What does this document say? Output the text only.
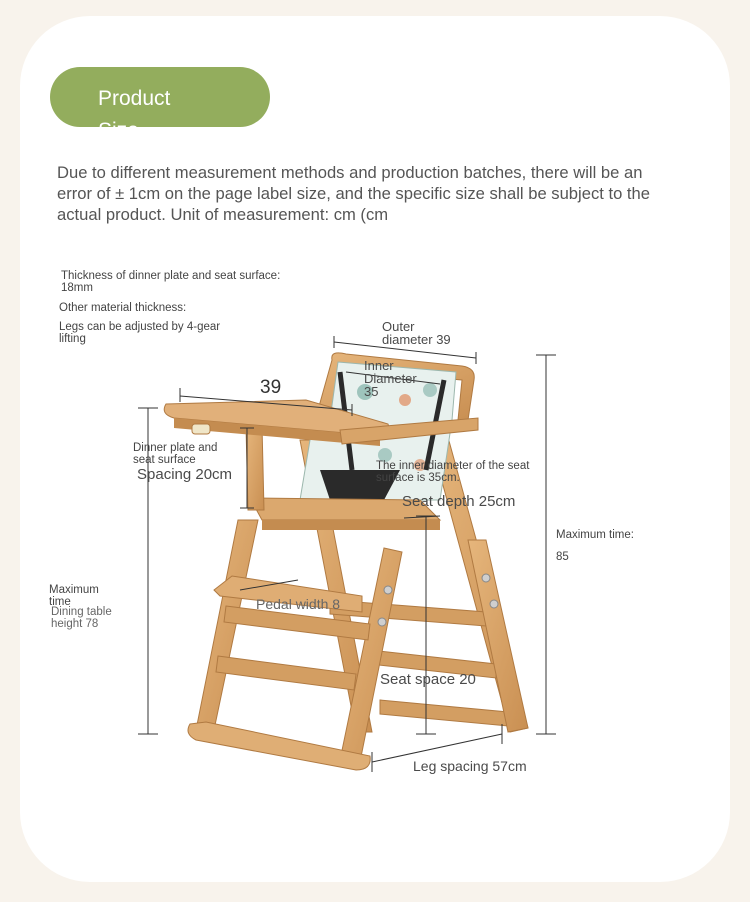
Product Size
Due to different measurement methods and production batches, there will be an error of ± 1cm on the page label size, and the specific size shall be subject to the actual product. Unit of measurement: cm (cm
Thickness of dinner plate and seat surface: 18mm
Other material thickness:
Legs can be adjusted by 4-gear lifting
Outer diameter 39
Inner Diameter 35
39
Dinner plate and seat surface
Spacing 20cm	The inner diameter of the seat surface is 35cm.
Seat depth 25cm
Maximum time:
85
Maximum time
Dining table height 78
Pedal width 8
Seat space 20
Leg spacing 57cm
